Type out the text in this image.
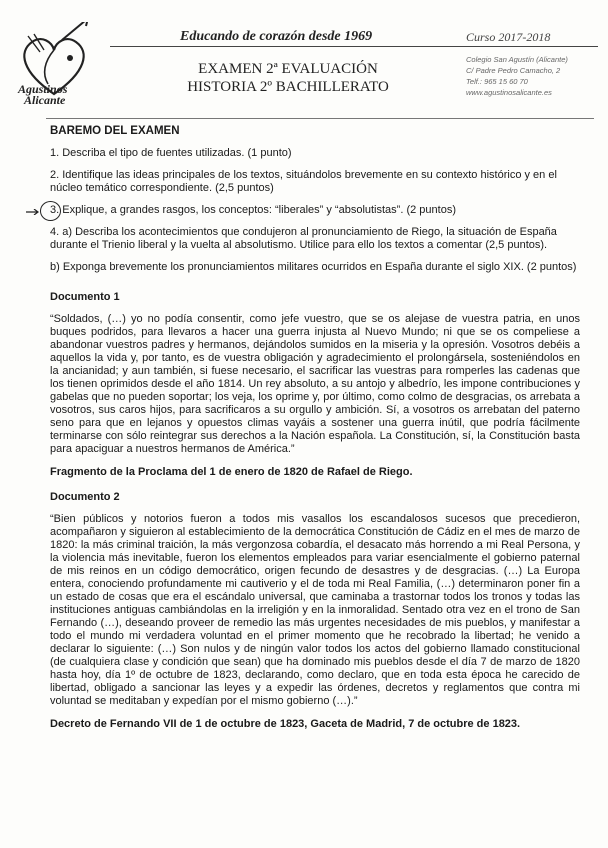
Agustinos
Alicante
Educando de corazón desde 1969
EXAMEN 2ª EVALUACIÓN
HISTORIA 2º BACHILLERATO
Curso 2017-2018
Colegio San Agustín (Alicante)
C/ Padre Pedro Camacho, 2
Telf.: 965 15 60 70
www.agustinosalicante.es

BAREMO DEL EXAMEN

1. Describa el tipo de fuentes utilizadas. (1 punto)

2. Identifique las ideas principales de los textos, situándolos brevemente en su contexto histórico y en el núcleo temático correspondiente. (2,5 puntos)

3. Explique, a grandes rasgos, los conceptos: “liberales” y “absolutistas”. (2 puntos)

4. a) Describa los acontecimientos que condujeron al pronunciamiento de Riego, la situación de España durante el Trienio liberal y la vuelta al absolutismo. Utilice para ello los textos a comentar (2,5 puntos).

b) Exponga brevemente los pronunciamientos militares ocurridos en España durante el siglo XIX. (2 puntos)

Documento 1

“Soldados, (…) yo no podía consentir, como jefe vuestro, que se os alejase de vuestra patria, en unos buques podridos, para llevaros a hacer una guerra injusta al Nuevo Mundo; ni que se os compeliese a abandonar vuestros padres y hermanos, dejándolos sumidos en la miseria y la opresión. Vosotros debéis a aquellos la vida y, por tanto, es de vuestra obligación y agradecimiento el prolongársela, sosteniéndolos en la ancianidad; y aun también, si fuese necesario, el sacrificar las vuestras para romperles las cadenas que los tienen oprimidos desde el año 1814. Un rey absoluto, a su antojo y albedrío, les impone contribuciones y gabelas que no pueden soportar; los veja, los oprime y, por último, como colmo de desgracias, os arrebata a vosotros, sus caros hijos, para sacrificaros a su orgullo y ambición. Sí, a vosotros os arrebatan del paterno seno para que en lejanos y opuestos climas vayáis a sostener una guerra inútil, que podría fácilmente terminarse con sólo reintegrar sus derechos a la Nación española. La Constitución, sí, la Constitución basta para apaciguar a nuestros hermanos de América.”

Fragmento de la Proclama del 1 de enero de 1820 de Rafael de Riego.

Documento 2

“Bien públicos y notorios fueron a todos mis vasallos los escandalosos sucesos que precedieron, acompañaron y siguieron al establecimiento de la democrática Constitución de Cádiz en el mes de marzo de 1820: la más criminal traición, la más vergonzosa cobardía, el desacato más horrendo a mi Real Persona, y la violencia más inevitable, fueron los elementos empleados para variar esencialmente el gobierno paternal de mis reinos en un código democrático, origen fecundo de desastres y de desgracias. (…) La Europa entera, conociendo profundamente mi cautiverio y el de toda mi Real Familia, (…) determinaron poner fin a un estado de cosas que era el escándalo universal, que caminaba a trastornar todos los tronos y todas las instituciones antiguas cambiándolas en la irreligión y en la inmoralidad. Sentado otra vez en el trono de San Fernando (…), deseando proveer de remedio las más urgentes necesidades de mis pueblos, y manifestar a todo el mundo mi verdadera voluntad en el primer momento que he recobrado la libertad; he venido a declarar lo siguiente: (…) Son nulos y de ningún valor todos los actos del gobierno llamado constitucional (de cualquiera clase y condición que sean) que ha dominado mis pueblos desde el día 7 de marzo de 1820 hasta hoy, día 1º de octubre de 1823, declarando, como declaro, que en toda esta época he carecido de libertad, obligado a sancionar las leyes y a expedir las órdenes, decretos y reglamentos que contra mi voluntad se meditaban y expedían por el mismo gobierno (…).”

Decreto de Fernando VII de 1 de octubre de 1823, Gaceta de Madrid, 7 de octubre de 1823.
